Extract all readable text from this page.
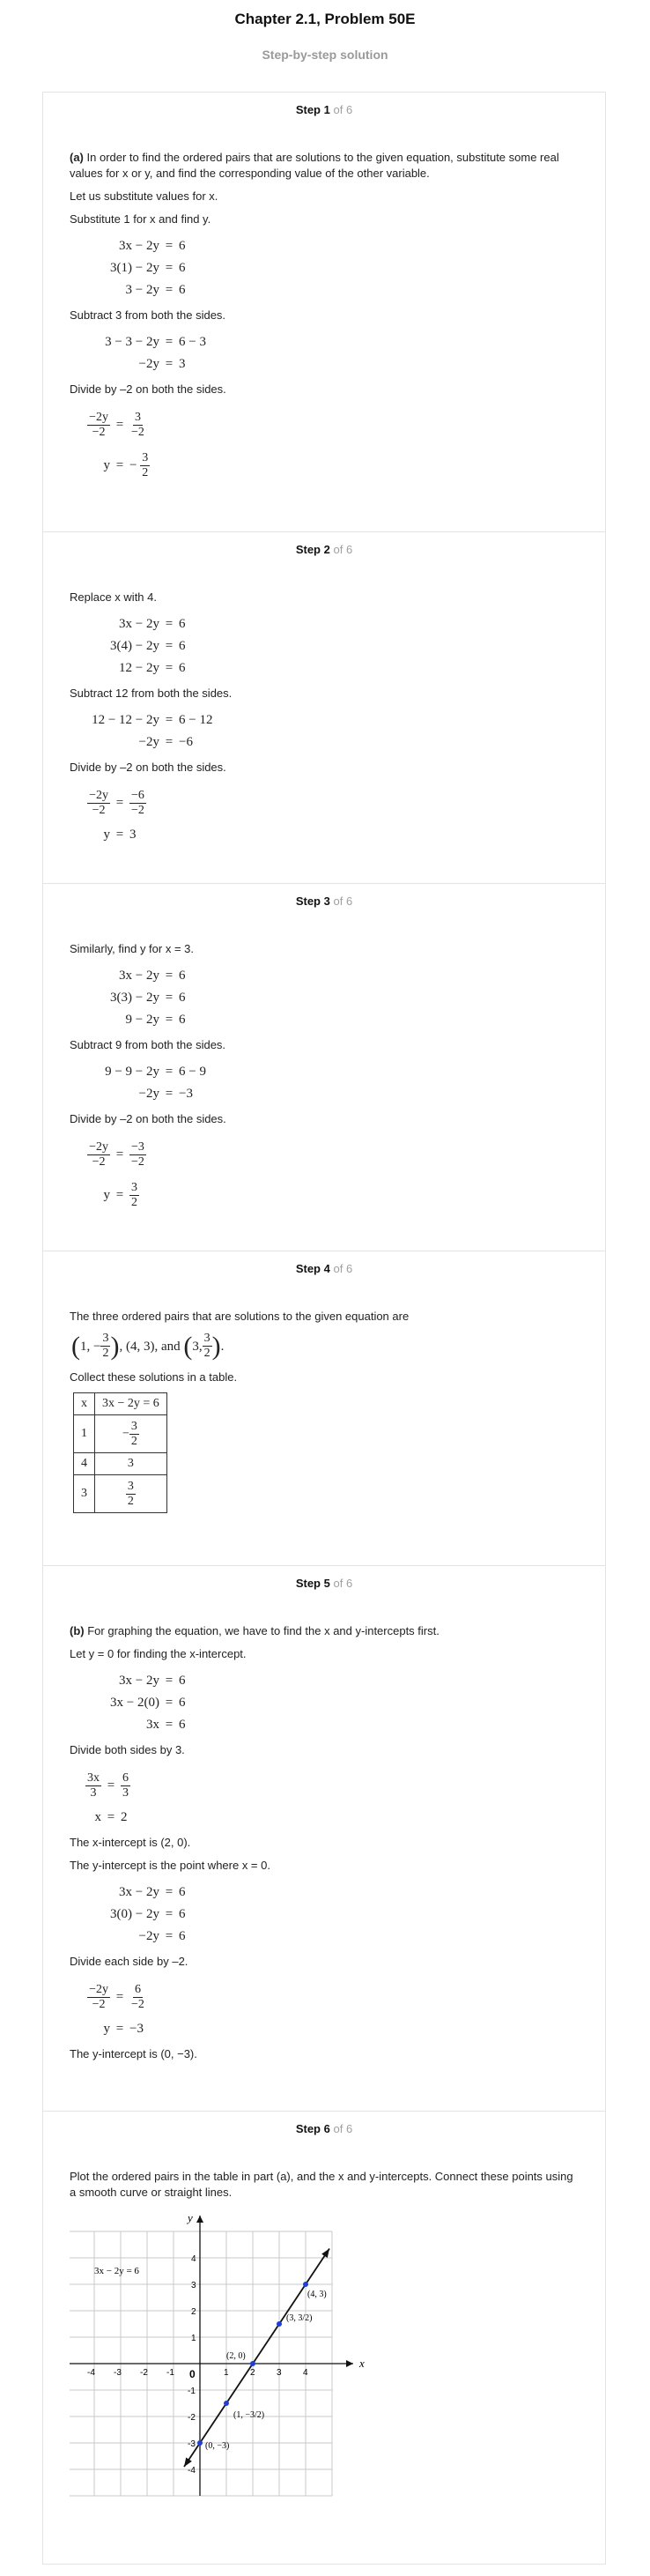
Chapter 2.1, Problem 50E
Step-by-step solution
Step 1 of 6
(a) In order to find the ordered pairs that are solutions to the given equation, substitute some real values for x or y, and find the corresponding value of the other variable.
Let us substitute values for x.
Substitute 1 for x and find y.
3x − 2y = 6
3(1) − 2y = 6
3 − 2y = 6
Subtract 3 from both the sides.
3 − 3 − 2y = 6 − 3
−2y = 3
Divide by –2 on both the sides.
$\frac{-2y}{-2} = \frac{3}{-2}$
y = −
$\frac{3}{2}$
Step 2 of 6
Replace x with 4.
3x − 2y = 6
3(4) − 2y = 6
12 − 2y = 6
Subtract 12 from both the sides.
12 − 12 − 2y = 6 − 12
−2y = −6
Divide by –2 on both the sides.
$\frac{-2y}{-2} = \frac{-6}{-2}$
y = 3
Step 3 of 6
Similarly, find y for x = 3.
3x − 2y = 6
3(3) − 2y = 6
9 − 2y = 6
Subtract 9 from both the sides.
9 − 9 − 2y = 6 − 9
−2y = −3
Divide by –2 on both the sides.
$\frac{-2y}{-2} = \frac{-3}{-2}$
$y = \frac{3}{2}$
Step 4 of 6
The three ordered pairs that are solutions to the given equation are
( 1, − $\frac{3}{2}$ ) , (4, 3) , and
( 3, $\frac{3}{2}$ ) .
Collect these solutions in a table.
x	3x − 2y = 6
1	− $\frac{3}{2}$

4	3
3	$\frac{3}{2}$
Step 5 of 6
(b) For graphing the equation, we have to find the x and y-intercepts first.
Let y = 0 for finding the x-intercept.
3x − 2y = 6
3x − 2(0) = 6
3x = 6
Divide both sides by 3.
$\frac{3x}{3} = \frac{6}{3}$
x = 2
The x-intercept is (2, 0).
The y-intercept is the point where x = 0.
3x − 2y = 6
3(0) − 2y = 6
−2y = 6
Divide each side by –2.
$\frac{-2y}{-2} = \frac{6}{-2}$
y = −3
The y-intercept is (0, −3).
Step 6 of 6
Plot the ordered pairs in the table in part (a), and the x and y-intercepts. Connect these points using a smooth curve or straight lines.
x
y
-4 -3 -2 -1 0	1 2 3 4
4
3
2
1
-1
-2
-3
-4
3x − 2y = 6
(0, −3)
(1, −3/2)
(2, 0)
(3, 3/2)
(4, 3)
